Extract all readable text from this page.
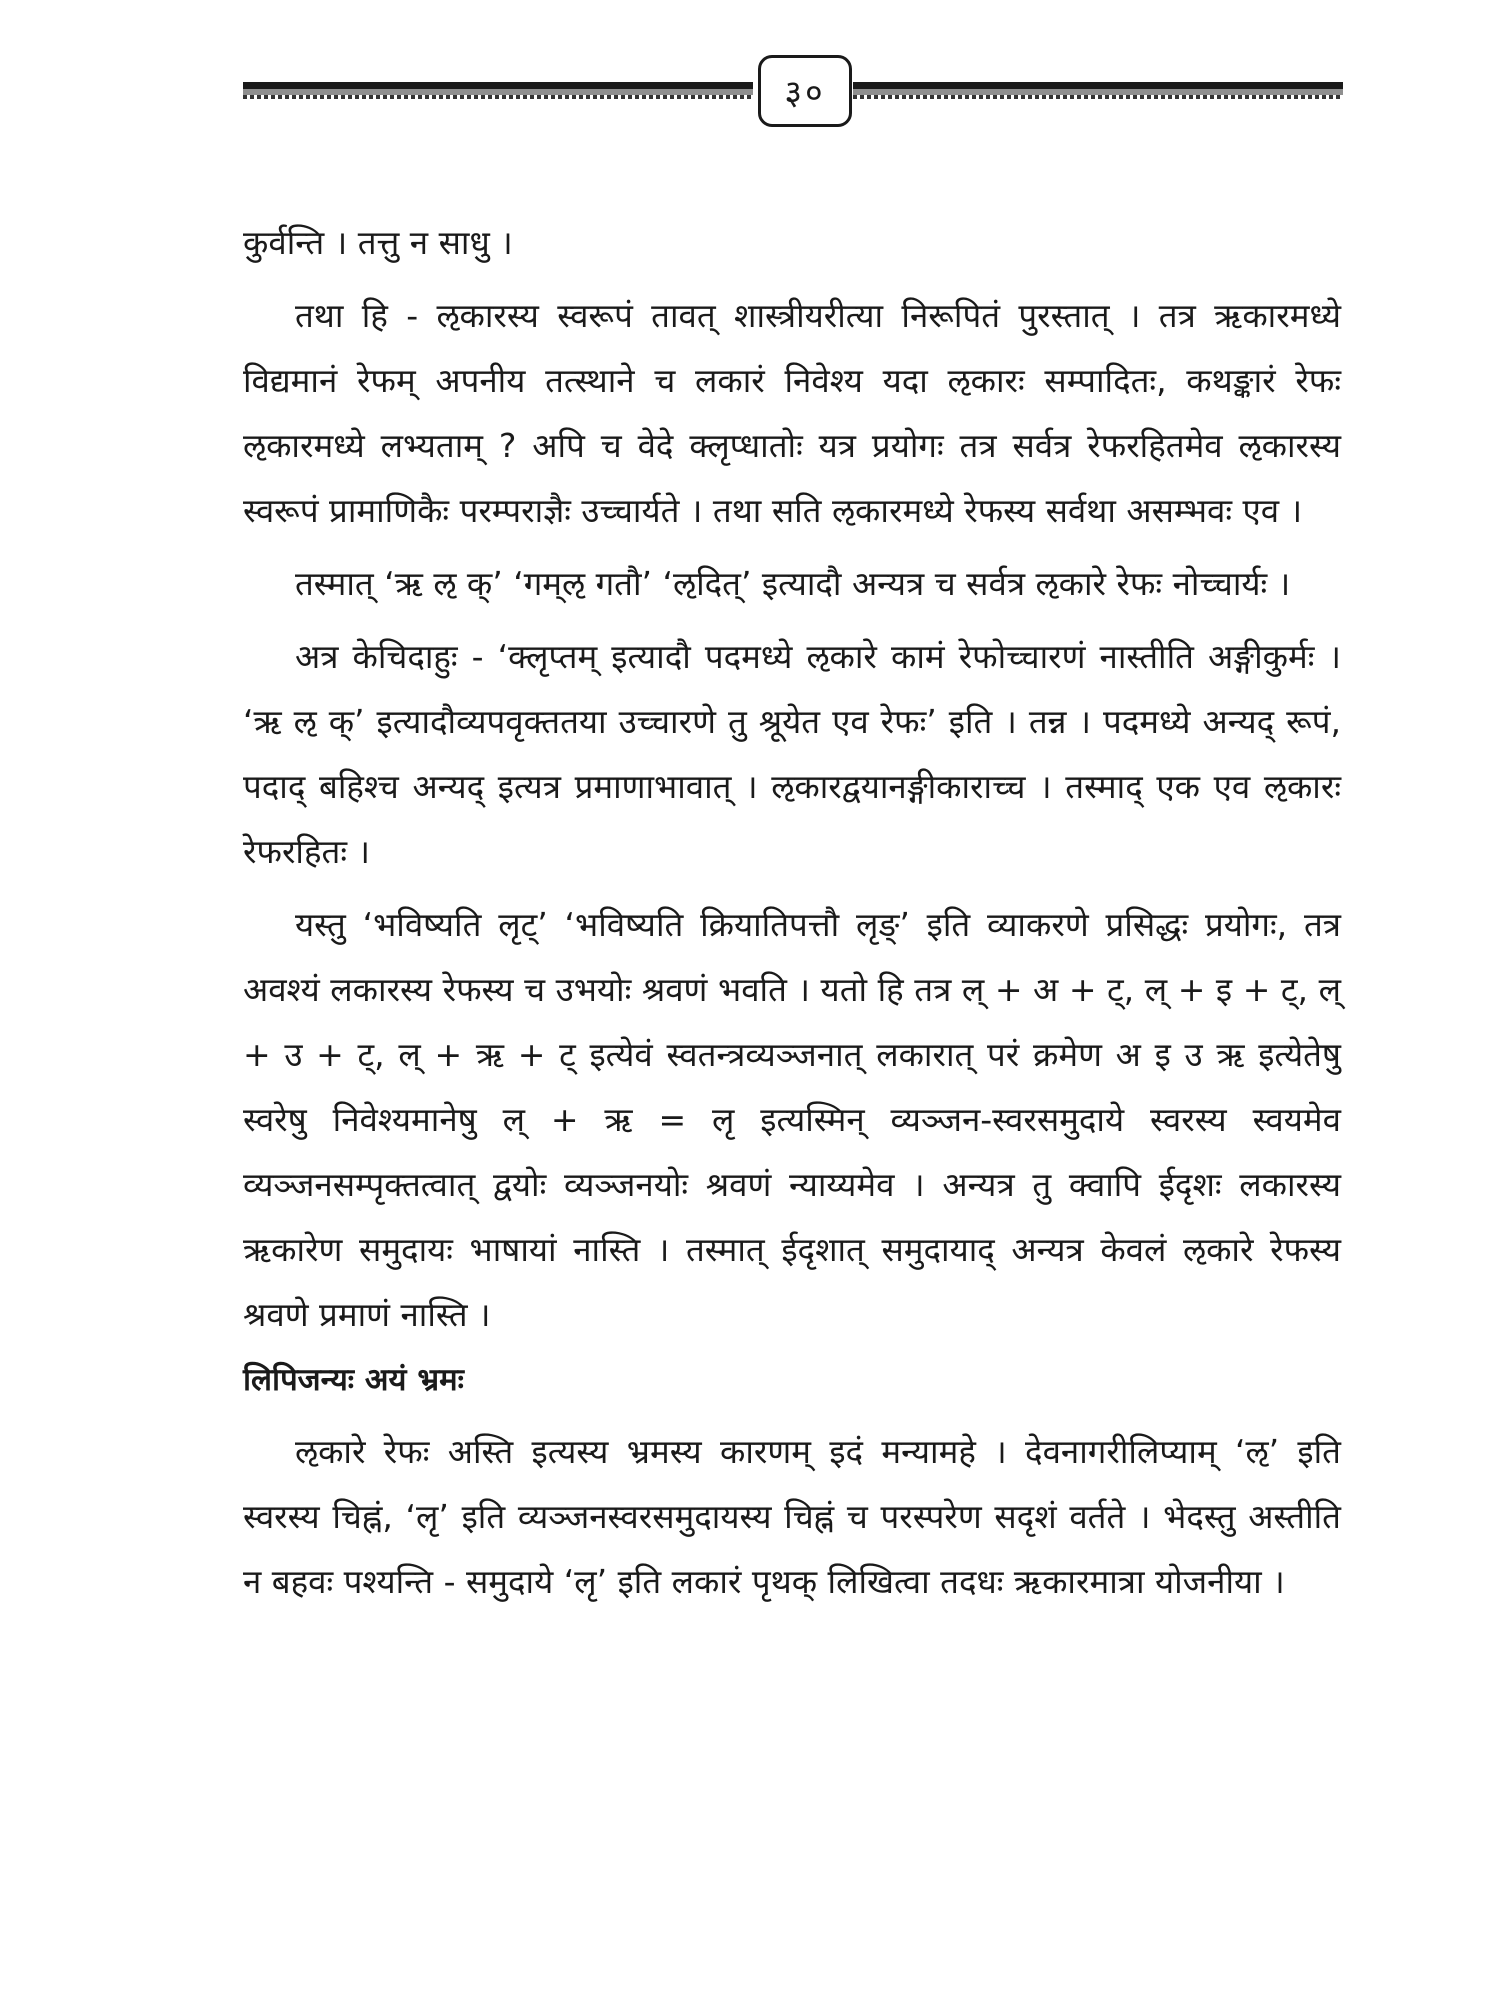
३०

कुर्वन्ति । तत्तु न साधु ।

तथा हि - ऌकारस्य स्वरूपं तावत् शास्त्रीयरीत्या निरूपितं पुरस्तात् । तत्र ऋकारमध्ये विद्यमानं रेफम् अपनीय तत्स्थाने च लकारं निवेश्य यदा ऌकारः सम्पादितः, कथङ्कारं रेफः ऌकारमध्ये लभ्यताम् ? अपि च वेदे क्लृप्धातोः यत्र प्रयोगः तत्र सर्वत्र रेफरहितमेव ऌकारस्य स्वरूपं प्रामाणिकैः परम्पराज्ञैः उच्चार्यते । तथा सति ऌकारमध्ये रेफस्य सर्वथा असम्भवः एव ।

तस्मात् ‘ऋ ऌ क्’ ‘गम्ऌ गतौ’ ‘ऌदित्’ इत्यादौ अन्यत्र च सर्वत्र ऌकारे रेफः नोच्चार्यः ।

अत्र केचिदाहुः - ‘क्लृप्तम् इत्यादौ पदमध्ये ऌकारे कामं रेफोच्चारणं नास्तीति अङ्गीकुर्मः । ‘ऋ ऌ क्’ इत्यादौव्यपवृक्ततया उच्चारणे तु श्रूयेत एव रेफः’ इति । तन्न । पदमध्ये अन्यद् रूपं, पदाद् बहिश्च अन्यद् इत्यत्र प्रमाणाभावात् । ऌकारद्वयानङ्गीकाराच्च । तस्माद् एक एव ऌकारः रेफरहितः ।

यस्तु ‘भविष्यति लृट्’ ‘भविष्यति क्रियातिपत्तौ लृङ्’ इति व्याकरणे प्रसिद्धः प्रयोगः, तत्र अवश्यं लकारस्य रेफस्य च उभयोः श्रवणं भवति । यतो हि तत्र ल् + अ + ट्, ल् + इ + ट्, ल् + उ + ट्, ल् + ऋ + ट् इत्येवं स्वतन्त्रव्यञ्जनात् लकारात् परं क्रमेण अ इ उ ऋ इत्येतेषु स्वरेषु निवेश्यमानेषु ल् + ऋ = लृ इत्यस्मिन् व्यञ्जन-स्वरसमुदाये स्वरस्य स्वयमेव व्यञ्जनसम्पृक्तत्वात् द्वयोः व्यञ्जनयोः श्रवणं न्याय्यमेव । अन्यत्र तु क्वापि ईदृशः लकारस्य ऋकारेण समुदायः भाषायां नास्ति । तस्मात् ईदृशात् समुदायाद् अन्यत्र केवलं ऌकारे रेफस्य श्रवणे प्रमाणं नास्ति ।

लिपिजन्यः अयं भ्रमः

ऌकारे रेफः अस्ति इत्यस्य भ्रमस्य कारणम् इदं मन्यामहे । देवनागरीलिप्याम् ‘ऌ’ इति स्वरस्य चिह्नं, ‘लृ’ इति व्यञ्जनस्वरसमुदायस्य चिह्नं च परस्परेण सदृशं वर्तते । भेदस्तु अस्तीति न बहवः पश्यन्ति - समुदाये ‘लृ’ इति लकारं पृथक् लिखित्वा तदधः ऋकारमात्रा योजनीया ।
